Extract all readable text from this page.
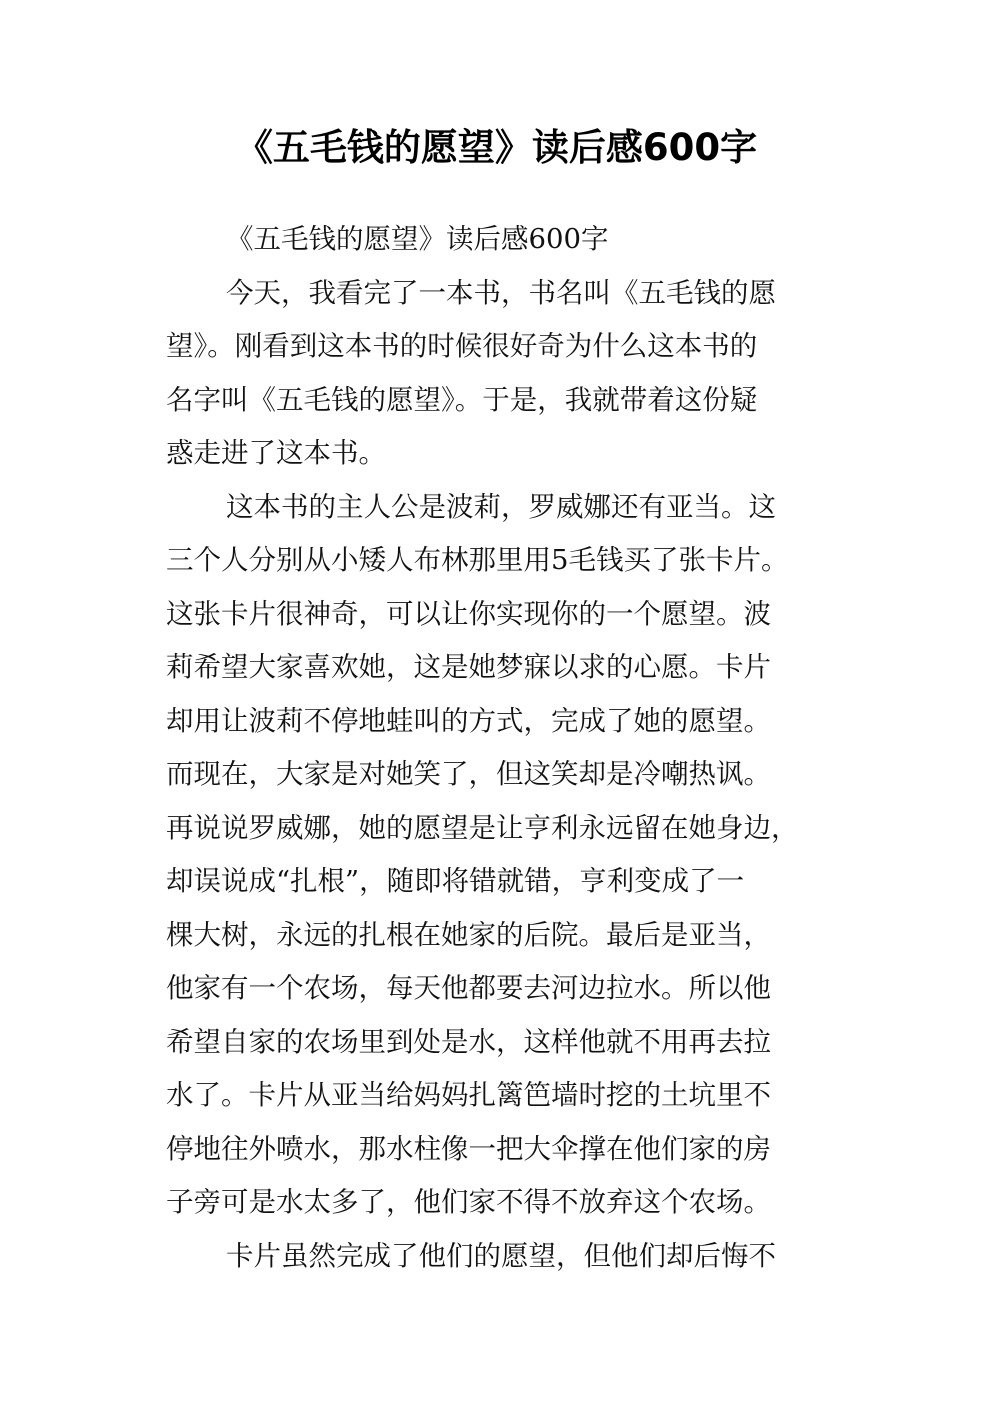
《五毛钱的愿望》读后感600字
《五毛钱的愿望》读后感600字
今天，我看完了一本书，书名叫《五毛钱的愿
望》。刚看到这本书的时候很好奇为什么这本书的
名字叫《五毛钱的愿望》。于是，我就带着这份疑
惑走进了这本书。
这本书的主人公是波莉，罗威娜还有亚当。这
三个人分别从小矮人布林那里用5毛钱买了张卡片。
这张卡片很神奇，可以让你实现你的一个愿望。波
莉希望大家喜欢她，这是她梦寐以求的心愿。卡片
却用让波莉不停地蛙叫的方式，完成了她的愿望。
而现在，大家是对她笑了，但这笑却是冷嘲热讽。
再说说罗威娜，她的愿望是让亨利永远留在她身边，
却误说成“扎根”，随即将错就错，亨利变成了一
棵大树，永远的扎根在她家的后院。最后是亚当，
他家有一个农场，每天他都要去河边拉水。所以他
希望自家的农场里到处是水，这样他就不用再去拉
水了。卡片从亚当给妈妈扎篱笆墙时挖的土坑里不
停地往外喷水，那水柱像一把大伞撑在他们家的房
子旁可是水太多了，他们家不得不放弃这个农场。
卡片虽然完成了他们的愿望，但他们却后悔不
